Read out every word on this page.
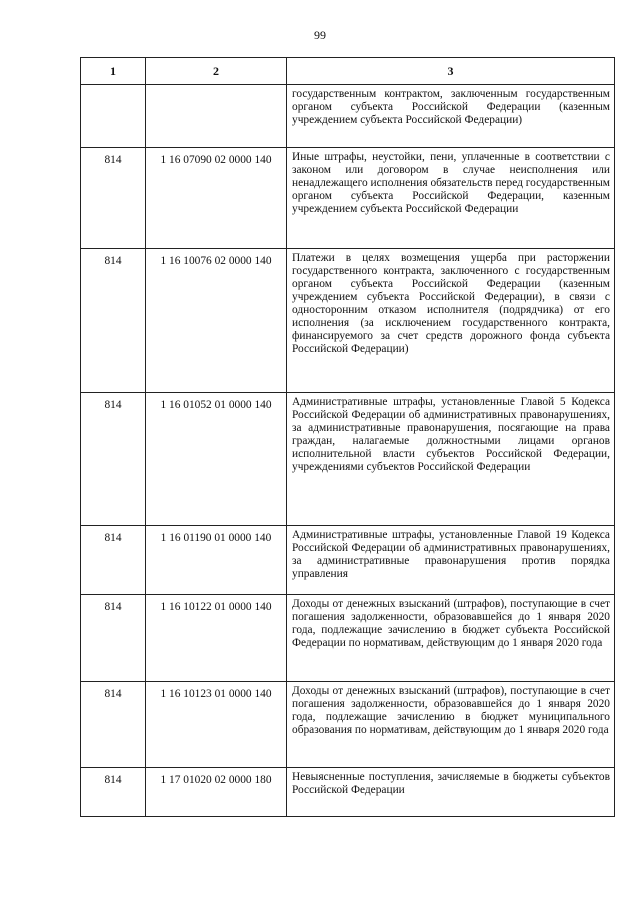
99
1	2	3
		государственным контрактом, заключенным государственным органом субъекта Российской Федерации (казенным учреждением субъекта Российской Федерации)
814	1 16 07090 02 0000 140	Иные штрафы, неустойки, пени, уплаченные в соответствии с законом или договором в случае неисполнения или ненадлежащего исполнения обязательств перед государственным органом субъекта Российской Федерации, казенным учреждением субъекта Российской Федерации
814	1 16 10076 02 0000 140	Платежи в целях возмещения ущерба при расторжении государственного контракта, заключенного с государственным органом субъекта Российской Федерации (казенным учреждением субъекта Российской Федерации), в связи с односторонним отказом исполнителя (подрядчика) от его исполнения (за исключением государственного контракта, финансируемого за счет средств дорожного фонда субъекта Российской Федерации)
814	1 16 01052 01 0000 140	Административные штрафы, установленные Главой 5 Кодекса Российской Федерации об административных правонарушениях, за административные правонарушения, посягающие на права граждан, налагаемые должностными лицами органов исполнительной власти субъектов Российской Федерации, учреждениями субъектов Российской Федерации
814	1 16 01190 01 0000 140	Административные штрафы, установленные Главой 19 Кодекса Российской Федерации об административных правонарушениях, за административные правонарушения против порядка управления
814	1 16 10122 01 0000 140	Доходы от денежных взысканий (штрафов), поступающие в счет погашения задолженности, образовавшейся до 1 января 2020 года, подлежащие зачислению в бюджет субъекта Российской Федерации по нормативам, действующим до 1 января 2020 года
814	1 16 10123 01 0000 140	Доходы от денежных взысканий (штрафов), поступающие в счет погашения задолженности, образовавшейся до 1 января 2020 года, подлежащие зачислению в бюджет муниципального образования по нормативам, действующим до 1 января 2020 года
814	1 17 01020 02 0000 180	Невыясненные поступления, зачисляемые в бюджеты субъектов Российской Федерации
